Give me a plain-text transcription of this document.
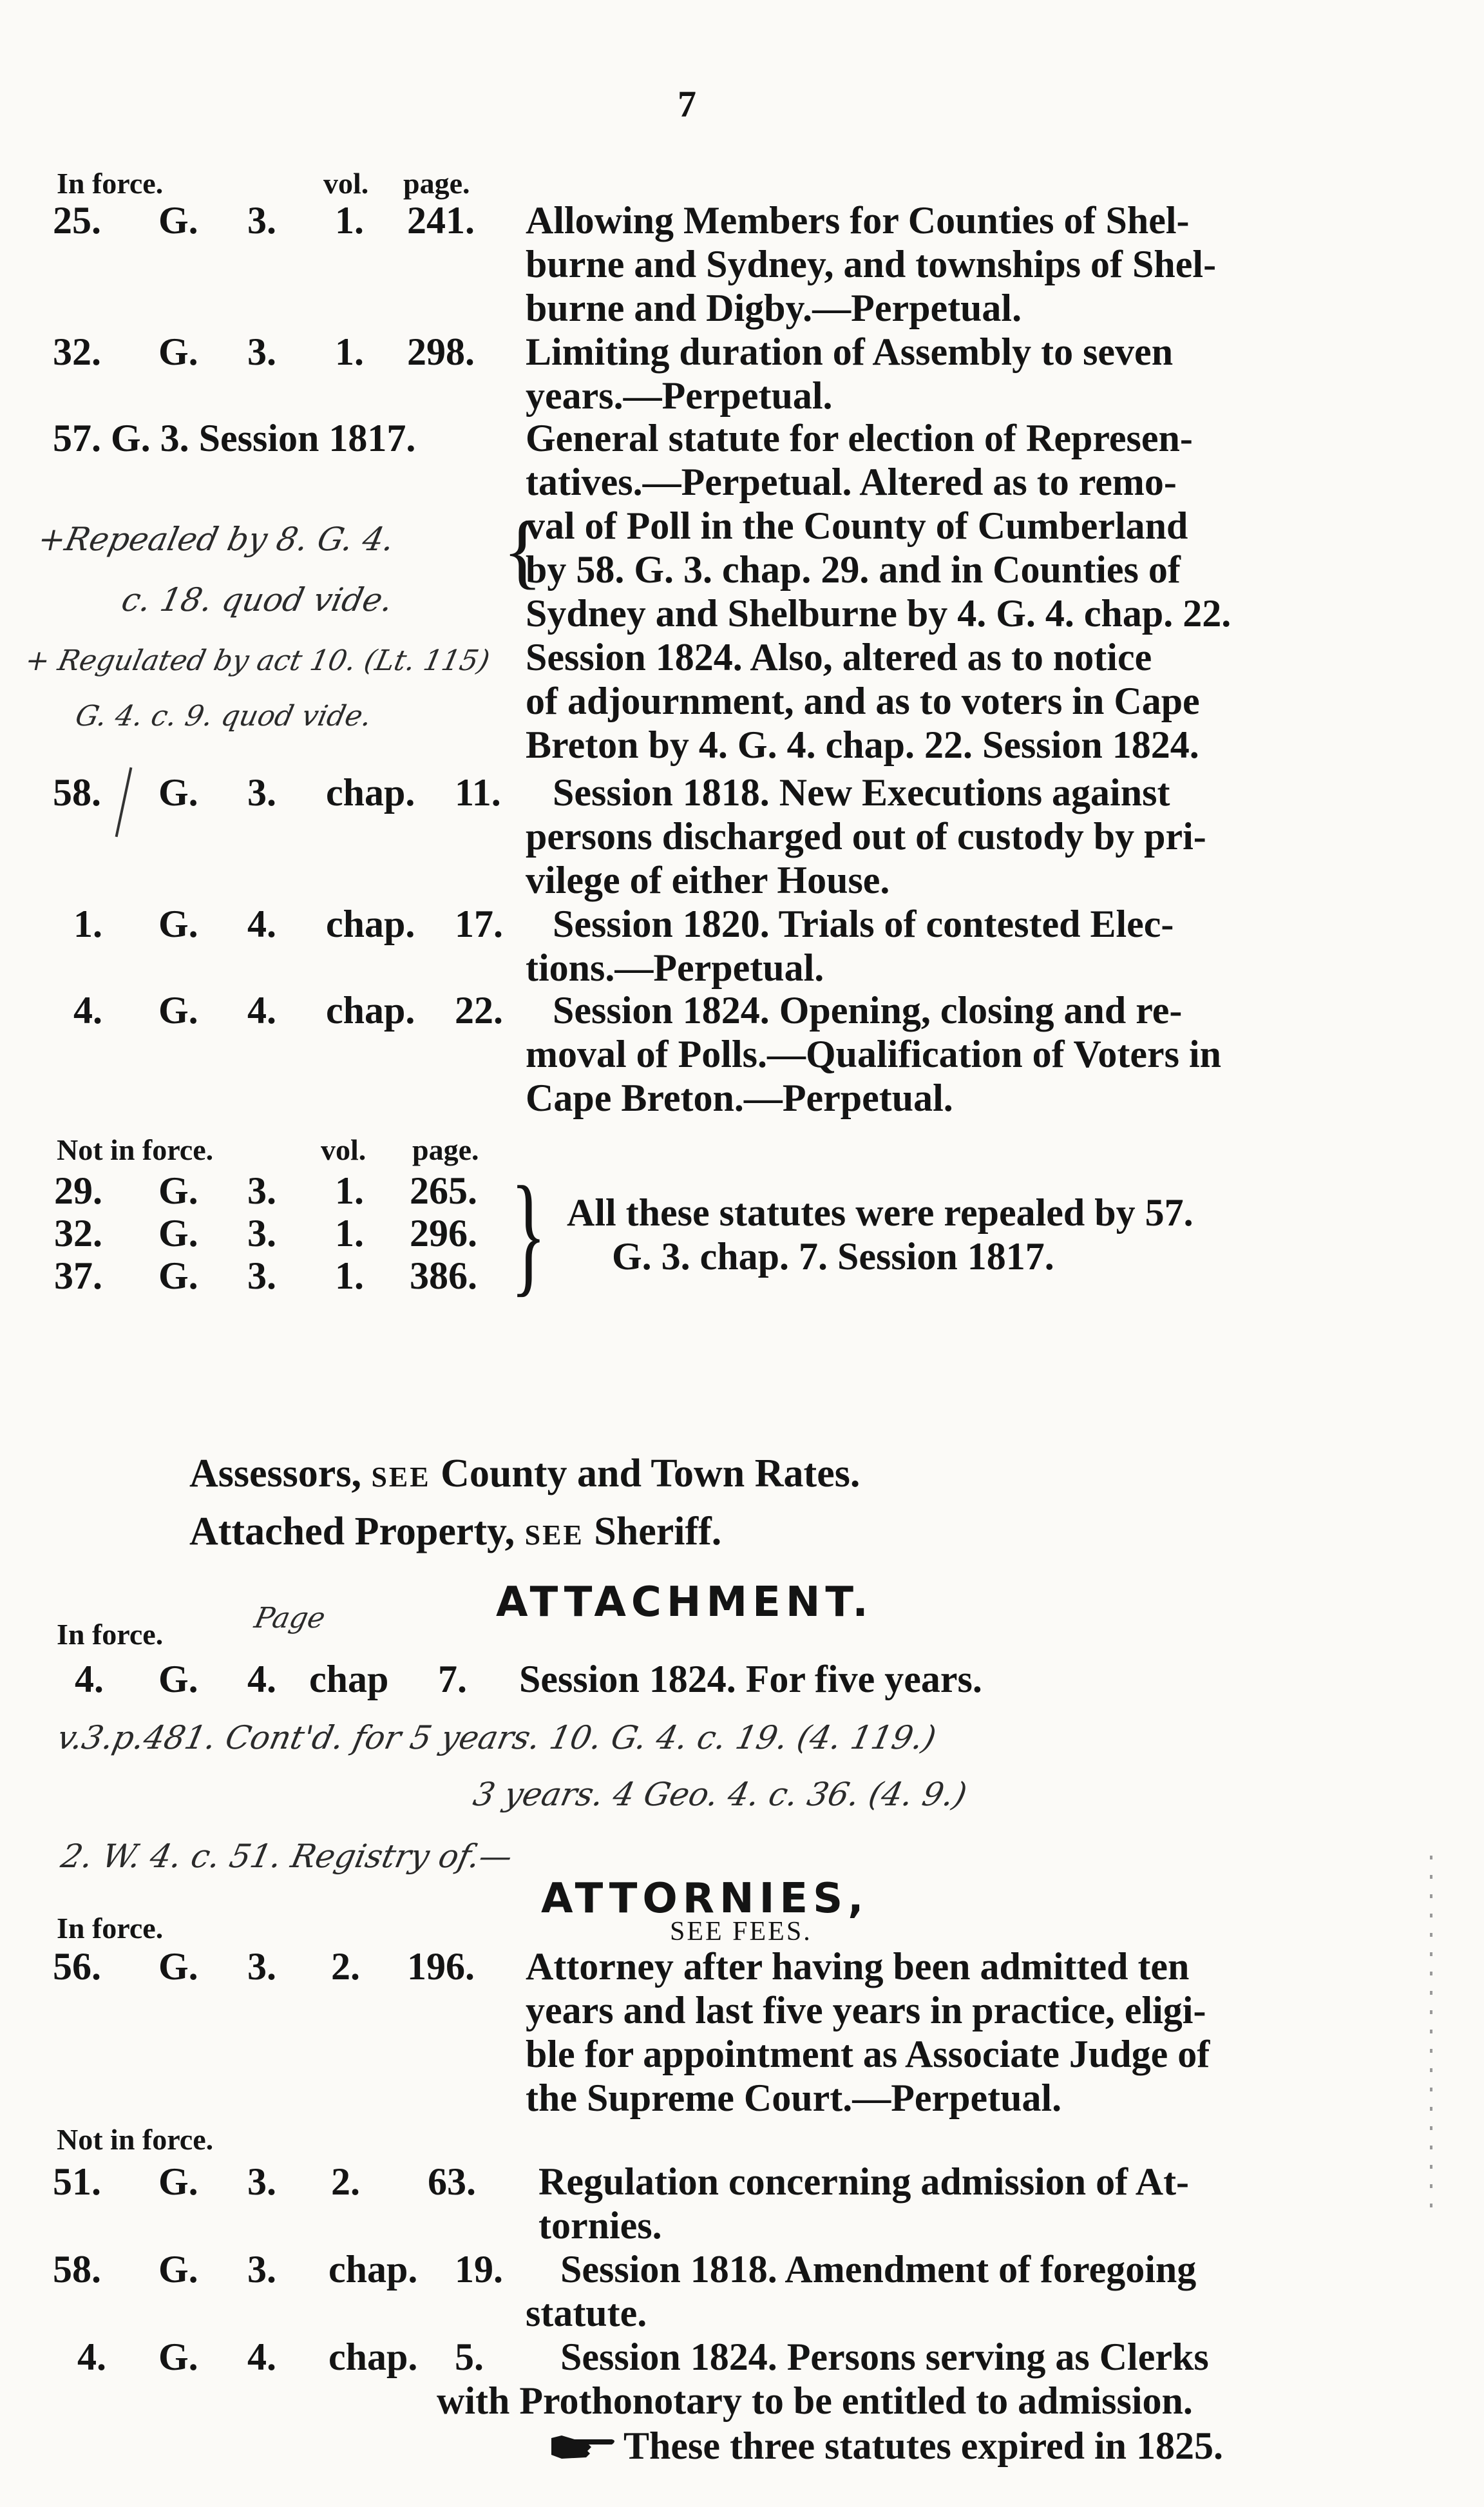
7
In force.	vol. page.
25. G. 3. 1. 241. Allowing Members for Counties of Shel-
burne and Sydney, and townships of Shel-
burne and Digby.—Perpetual.
32. G. 3. 1. 298. Limiting duration of Assembly to seven
years.—Perpetual.
57. G. 3. Session 1817.	General statute for election of Represen-
tatives.—Perpetual. Altered as to remo-
val of Poll in the County of Cumberland
by 58. G. 3. chap. 29. and in Counties of
Sydney and Shelburne by 4. G. 4. chap. 22.
Session 1824. Also, altered as to notice
of adjournment, and as to voters in Cape
Breton by 4. G. 4. chap. 22. Session 1824.
{
+Repealed by 8. G. 4.
c. 18. quod vide.
+ Regulated by act 10. (Lt. 115)
G. 4. c. 9. quod vide.
58. G. 3. chap. 11. Session 1818. New Executions against
persons discharged out of custody by pri-
vilege of either House.
1. G. 4. chap. 17. Session 1820. Trials of contested Elec-
tions.—Perpetual.
4. G. 4. chap. 22. Session 1824. Opening, closing and re-
moval of Polls.—Qualification of Voters in
Cape Breton.—Perpetual.
Not in force.	vol. page.
29. G. 3. 1. 265.
32. G. 3. 1. 296.
37. G. 3. 1. 386. } All these statutes were repealed by 57.
G. 3. chap. 7. Session 1817.
Assessors, SEE County and Town Rates.
Attached Property, SEE Sheriff.
ATTACHMENT.
In force.	Page
4. G. 4. chap 7. Session 1824. For five years.
v.3.p.481. Cont'd. for 5 years. 10. G. 4. c. 19. (4. 119.)
3 years. 4 Geo. 4. c. 36. (4. 9.)
2. W. 4. c. 51. Registry of.—
ATTORNIES,
SEE FEES.
In force.
56. G. 3. 2. 196. Attorney after having been admitted ten
years and last five years in practice, eligi-
ble for appointment as Associate Judge of
the Supreme Court.—Perpetual.
Not in force.
51. G. 3. 2. 63. Regulation concerning admission of At-
tornies.
58. G. 3. chap. 19. Session 1818. Amendment of foregoing
statute.
4. G. 4. chap. 5. Session 1824. Persons serving as Clerks
with Prothonotary to be entitled to admission.
These three statutes expired in 1825.
